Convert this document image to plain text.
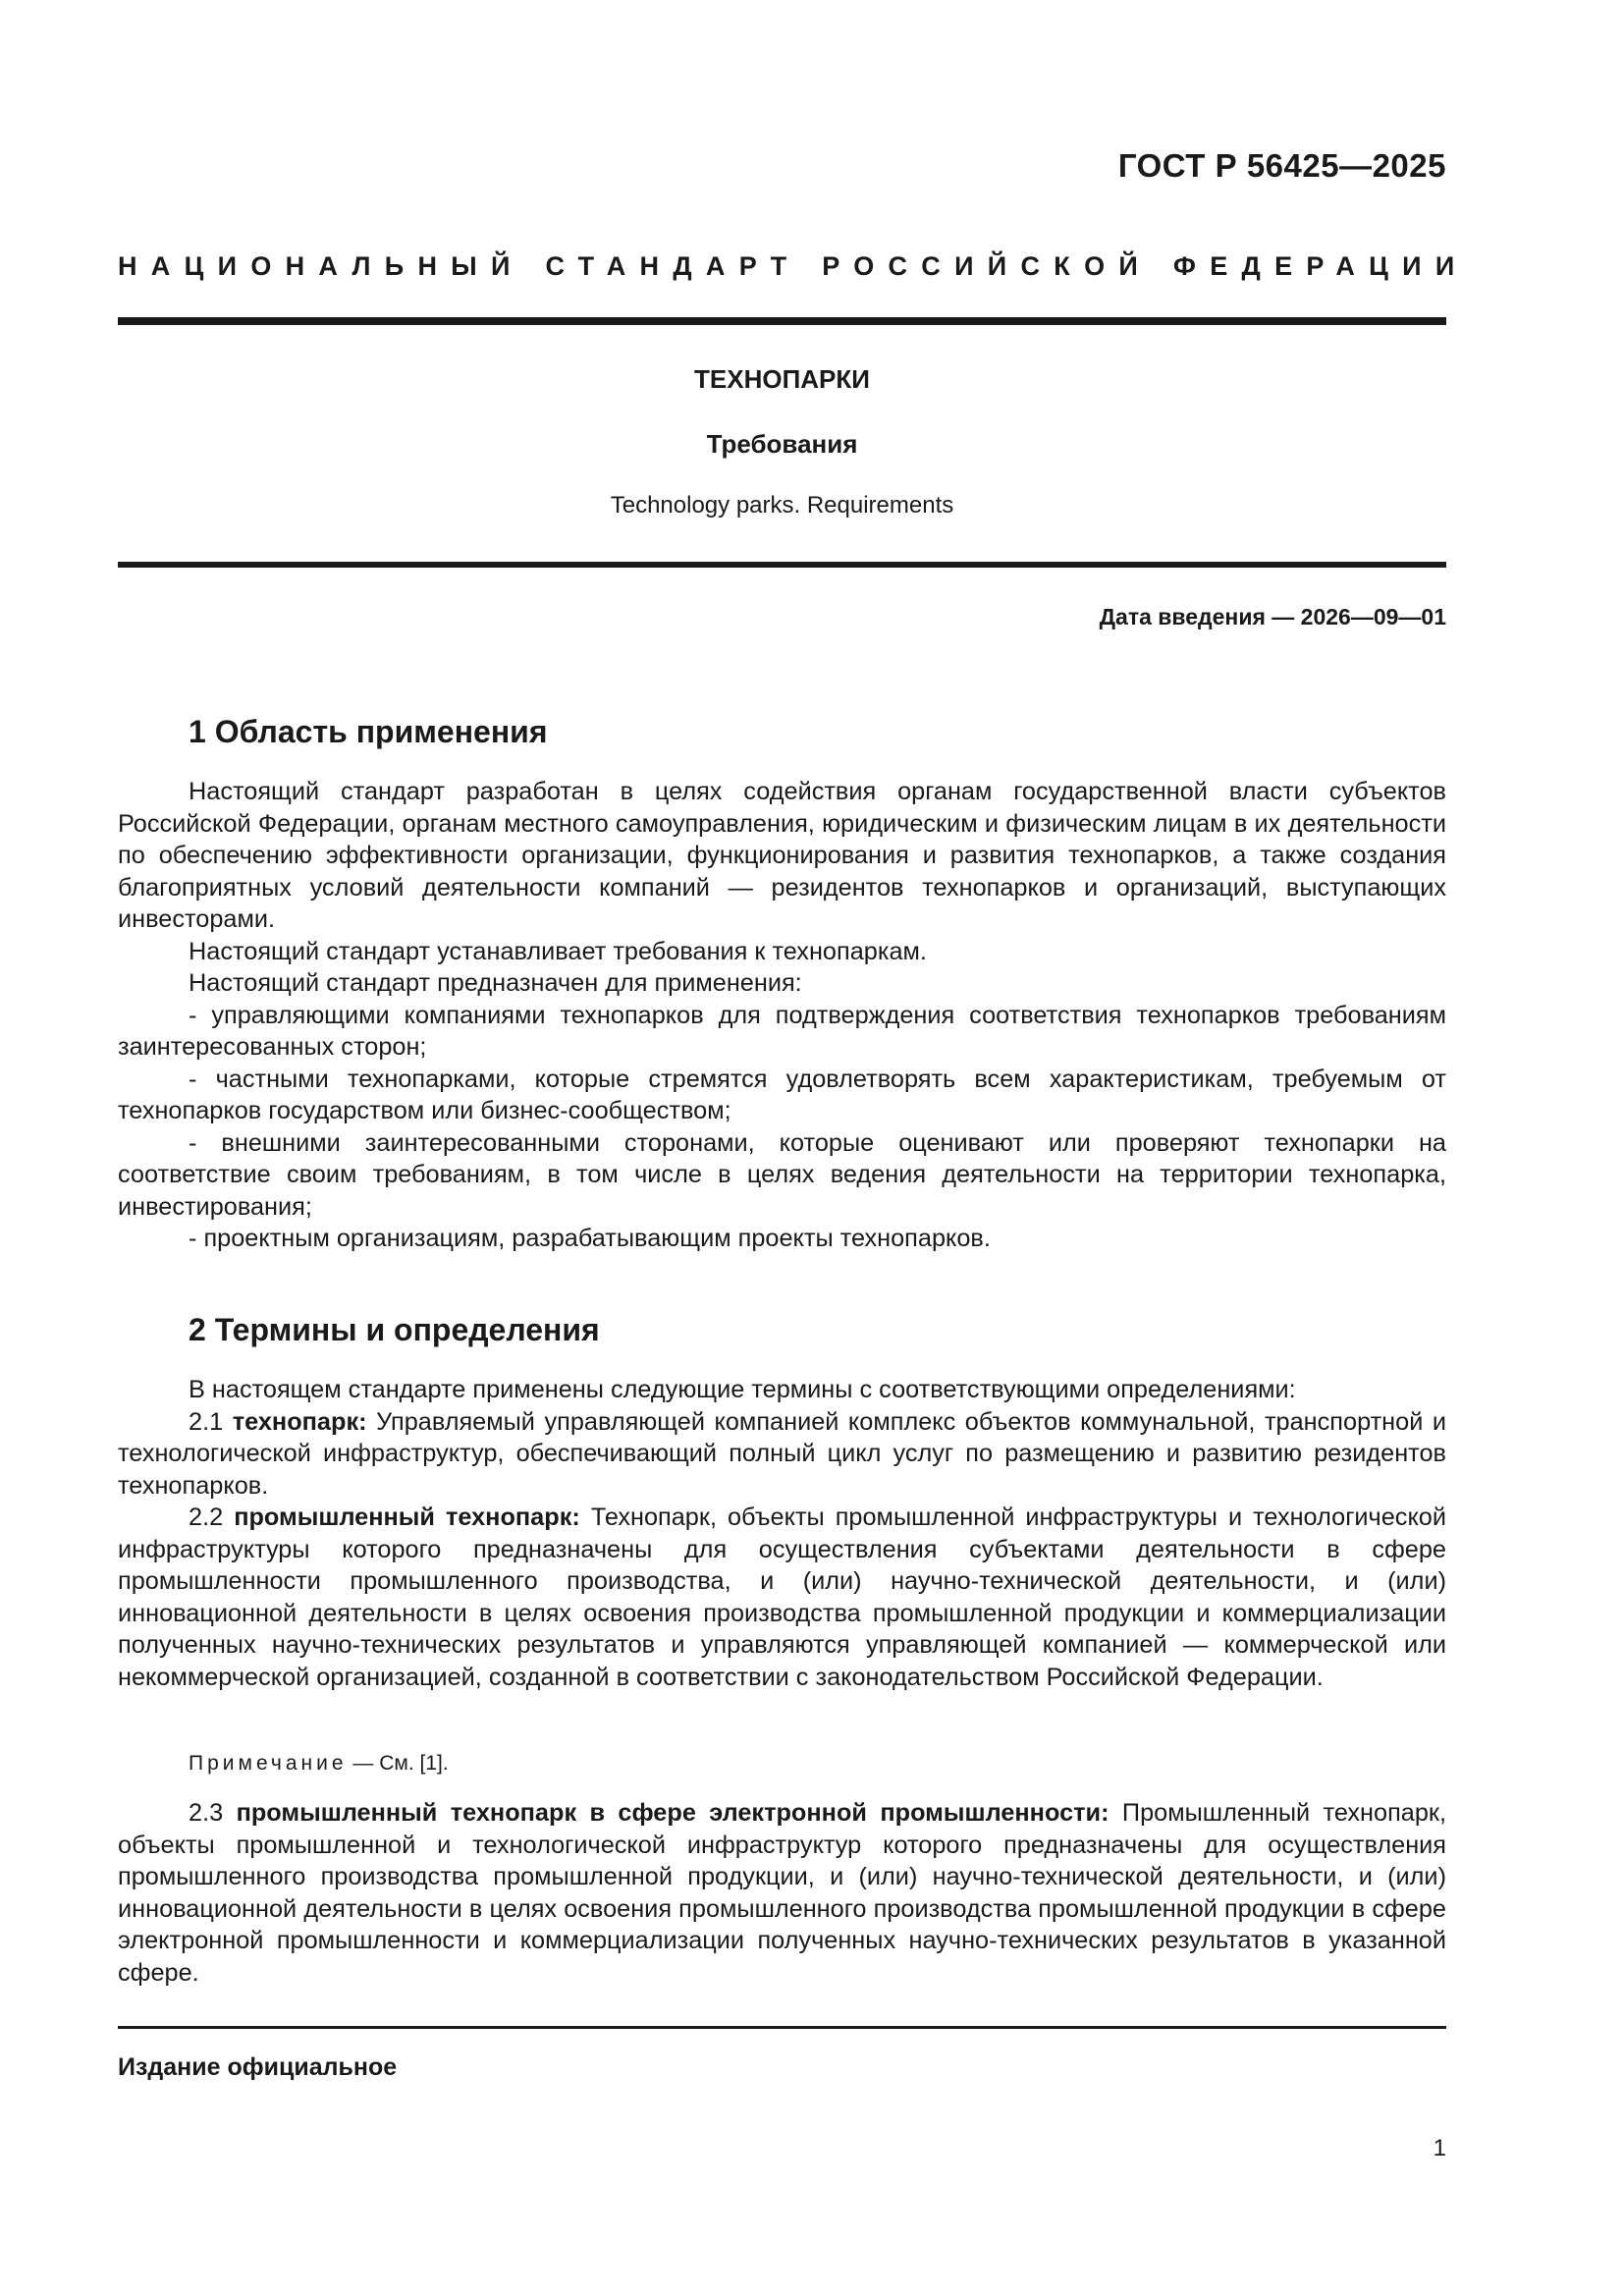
ГОСТ Р 56425—2025
НАЦИОНАЛЬНЫЙ СТАНДАРТ РОССИЙСКОЙ ФЕДЕРАЦИИ
ТЕХНОПАРКИ
Требования
Technology parks. Requirements
Дата введения — 2026—09—01
1 Область применения

Настоящий стандарт разработан в целях содействия органам государственной власти субъектов Российской Федерации, органам местного самоуправления, юридическим и физическим лицам в их деятельности по обеспечению эффективности организации, функционирования и развития технопарков, а также создания благоприятных условий деятельности компаний — резидентов технопарков и организаций, выступающих инвесторами.

Настоящий стандарт устанавливает требования к технопаркам.

Настоящий стандарт предназначен для применения:

- управляющими компаниями технопарков для подтверждения соответствия технопарков требованиям заинтересованных сторон;

- частными технопарками, которые стремятся удовлетворять всем характеристикам, требуемым от технопарков государством или бизнес-сообществом;

- внешними заинтересованными сторонами, которые оценивают или проверяют технопарки на соответствие своим требованиям, в том числе в целях ведения деятельности на территории технопарка, инвестирования;

- проектным организациям, разрабатывающим проекты технопарков.

2 Термины и определения

В настоящем стандарте применены следующие термины с соответствующими определениями:

2.1 технопарк: Управляемый управляющей компанией комплекс объектов коммунальной, транспортной и технологической инфраструктур, обеспечивающий полный цикл услуг по размещению и развитию резидентов технопарков.

2.2 промышленный технопарк: Технопарк, объекты промышленной инфраструктуры и технологической инфраструктуры которого предназначены для осуществления субъектами деятельности в сфере промышленности промышленного производства, и (или) научно-технической деятельности, и (или) инновационной деятельности в целях освоения производства промышленной продукции и коммерциализации полученных научно-технических результатов и управляются управляющей компанией — коммерческой или некоммерческой организацией, созданной в соответствии с законодательством Российской Федерации.

Примечание — См. [1].

2.3 промышленный технопарк в сфере электронной промышленности: Промышленный технопарк, объекты промышленной и технологической инфраструктур которого предназначены для осуществления промышленного производства промышленной продукции, и (или) научно-технической деятельности, и (или) инновационной деятельности в целях освоения промышленного производства промышленной продукции в сфере электронной промышленности и коммерциализации полученных научно-технических результатов в указанной сфере.

Издание официальное
1
